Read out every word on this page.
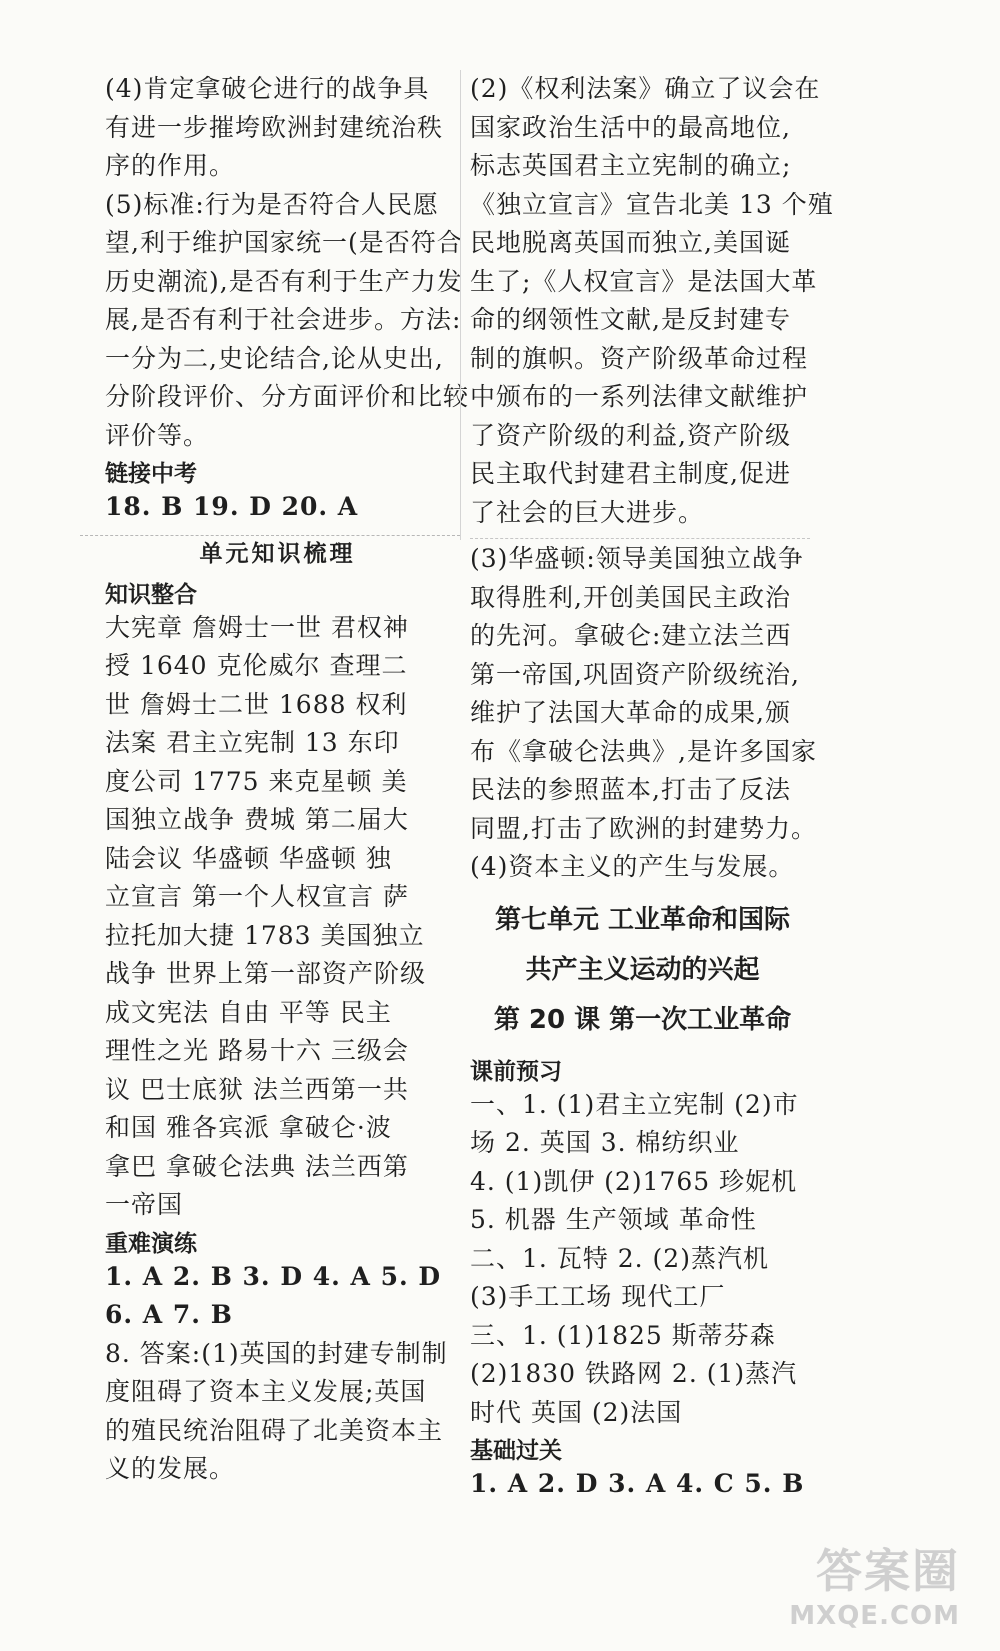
(4)肯定拿破仑进行的战争具
有进一步摧垮欧洲封建统治秩
序的作用。
(5)标准:行为是否符合人民愿
望,利于维护国家统一(是否符合
历史潮流),是否有利于生产力发
展,是否有利于社会进步。方法:
一分为二,史论结合,论从史出,
分阶段评价、分方面评价和比较
评价等。
链接中考
18. B 19. D 20. A
单元知识梳理
知识整合
大宪章 詹姆士一世 君权神
授 1640 克伦威尔 查理二
世 詹姆士二世 1688 权利
法案 君主立宪制 13 东印
度公司 1775 来克星顿 美
国独立战争 费城 第二届大
陆会议 华盛顿 华盛顿 独
立宣言 第一个人权宣言 萨
拉托加大捷 1783 美国独立
战争 世界上第一部资产阶级
成文宪法 自由 平等 民主
理性之光 路易十六 三级会
议 巴士底狱 法兰西第一共
和国 雅各宾派 拿破仑·波
拿巴 拿破仑法典 法兰西第
一帝国
重难演练
1. A 2. B 3. D 4. A 5. D
6. A 7. B
8. 答案:(1)英国的封建专制制
度阻碍了资本主义发展;英国
的殖民统治阻碍了北美资本主
义的发展。
(2)《权利法案》确立了议会在
国家政治生活中的最高地位,
标志英国君主立宪制的确立;
《独立宣言》宣告北美 13 个殖
民地脱离英国而独立,美国诞
生了;《人权宣言》是法国大革
命的纲领性文献,是反封建专
制的旗帜。资产阶级革命过程
中颁布的一系列法律文献维护
了资产阶级的利益,资产阶级
民主取代封建君主制度,促进
了社会的巨大进步。
(3)华盛顿:领导美国独立战争
取得胜利,开创美国民主政治
的先河。拿破仑:建立法兰西
第一帝国,巩固资产阶级统治,
维护了法国大革命的成果,颁
布《拿破仑法典》,是许多国家
民法的参照蓝本,打击了反法
同盟,打击了欧洲的封建势力。
(4)资本主义的产生与发展。
第七单元 工业革命和国际
共产主义运动的兴起
第 20 课 第一次工业革命
课前预习
一、1. (1)君主立宪制 (2)市
场 2. 英国 3. 棉纺织业
4. (1)凯伊 (2)1765 珍妮机
5. 机器 生产领域 革命性
二、1. 瓦特 2. (2)蒸汽机
(3)手工工场 现代工厂
三、1. (1)1825 斯蒂芬森
(2)1830 铁路网 2. (1)蒸汽
时代 英国 (2)法国
基础过关
1. A 2. D 3. A 4. C 5. B
答案圈
MXQE.COM
